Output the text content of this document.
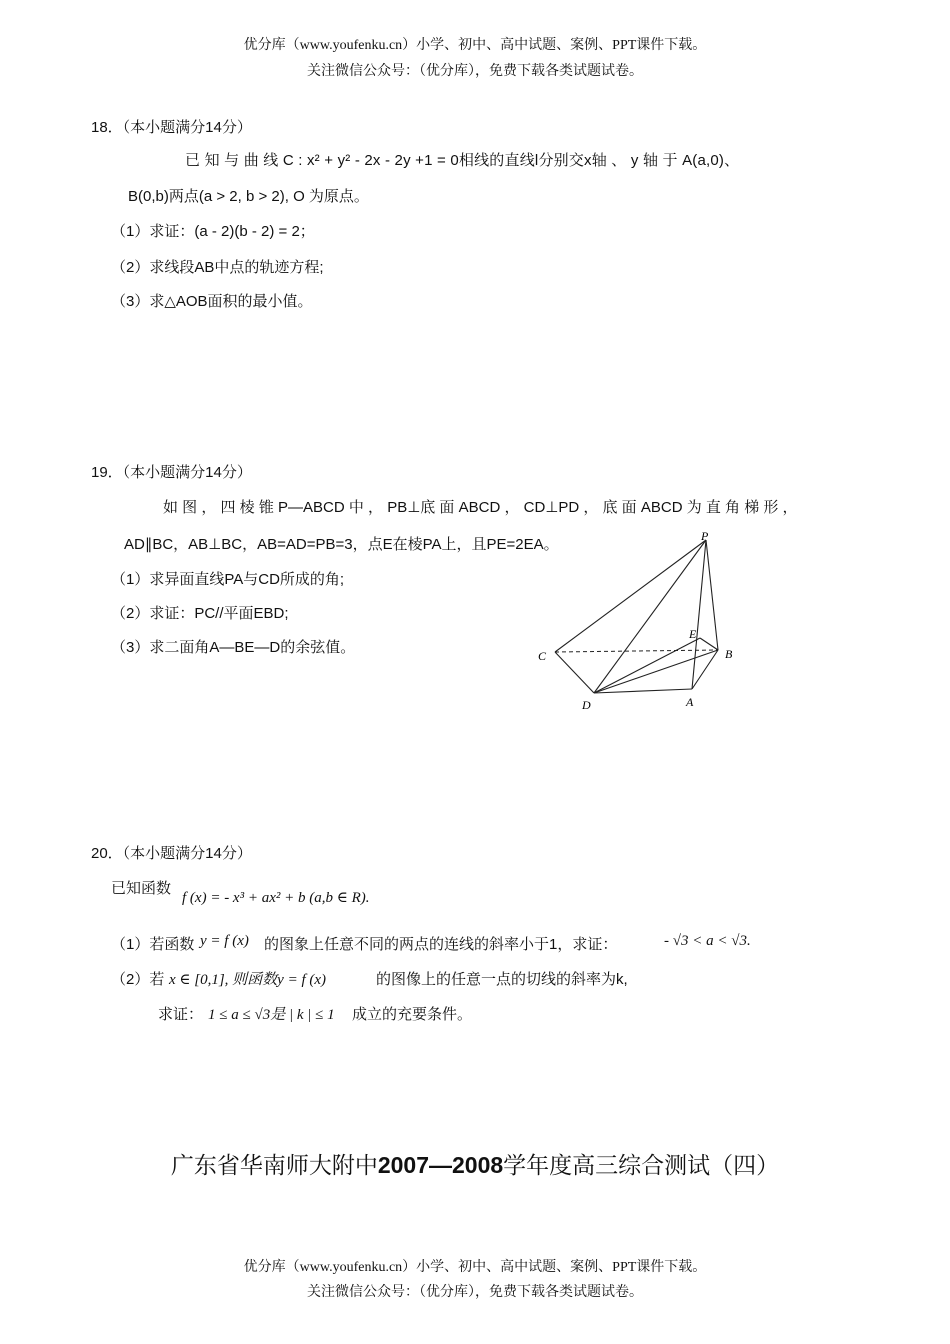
优分库（www.youfenku.cn）小学、初中、高中试题、案例、PPT课件下载。
关注微信公众号：（优分库），免费下载各类试题试卷。
18．（本小题满分14分）
已 知 与 曲 线 C : x² + y² - 2x - 2y +1 = 0相线的直线l分别交x轴 、 y 轴 于 A(a,0)、
B(0,b)两点(a > 2, b > 2), O 为原点。
（1）求证：(a - 2)(b - 2) = 2；
（2）求线段AB中点的轨迹方程;
（3）求△AOB面积的最小值。
19．（本小题满分14分）
如 图 ， 四 棱 锥 P—ABCD 中 ， PB⊥底 面 ABCD ， CD⊥PD ， 底 面 ABCD 为 直 角 梯 形 ，
AD∥BC，AB⊥BC，AB=AD=PB=3，点E在棱PA上，且PE=2EA。
（1）求异面直线PA与CD所成的角;
（2）求证：PC//平面EBD;
（3）求二面角A—BE—D的余弦值。
P
E
C	B
D	A
20．（本小题满分14分）
已知函数
f (x) = - x³ + ax² + b (a,b ∈ R).
（1）若函数 y = f (x) 的图象上任意不同的两点的连线的斜率小于1，求证：	- √3 < a < √3.
（2）若 x ∈ [0,1], 则函数y = f (x)	的图像上的任意一点的切线的斜率为k,
求证： 1 ≤ a ≤ √3是 | k | ≤ 1 成立的充要条件。
广东省华南师大附中2007—2008学年度高三综合测试（四）
优分库（www.youfenku.cn）小学、初中、高中试题、案例、PPT课件下载。
关注微信公众号：（优分库），免费下载各类试题试卷。
